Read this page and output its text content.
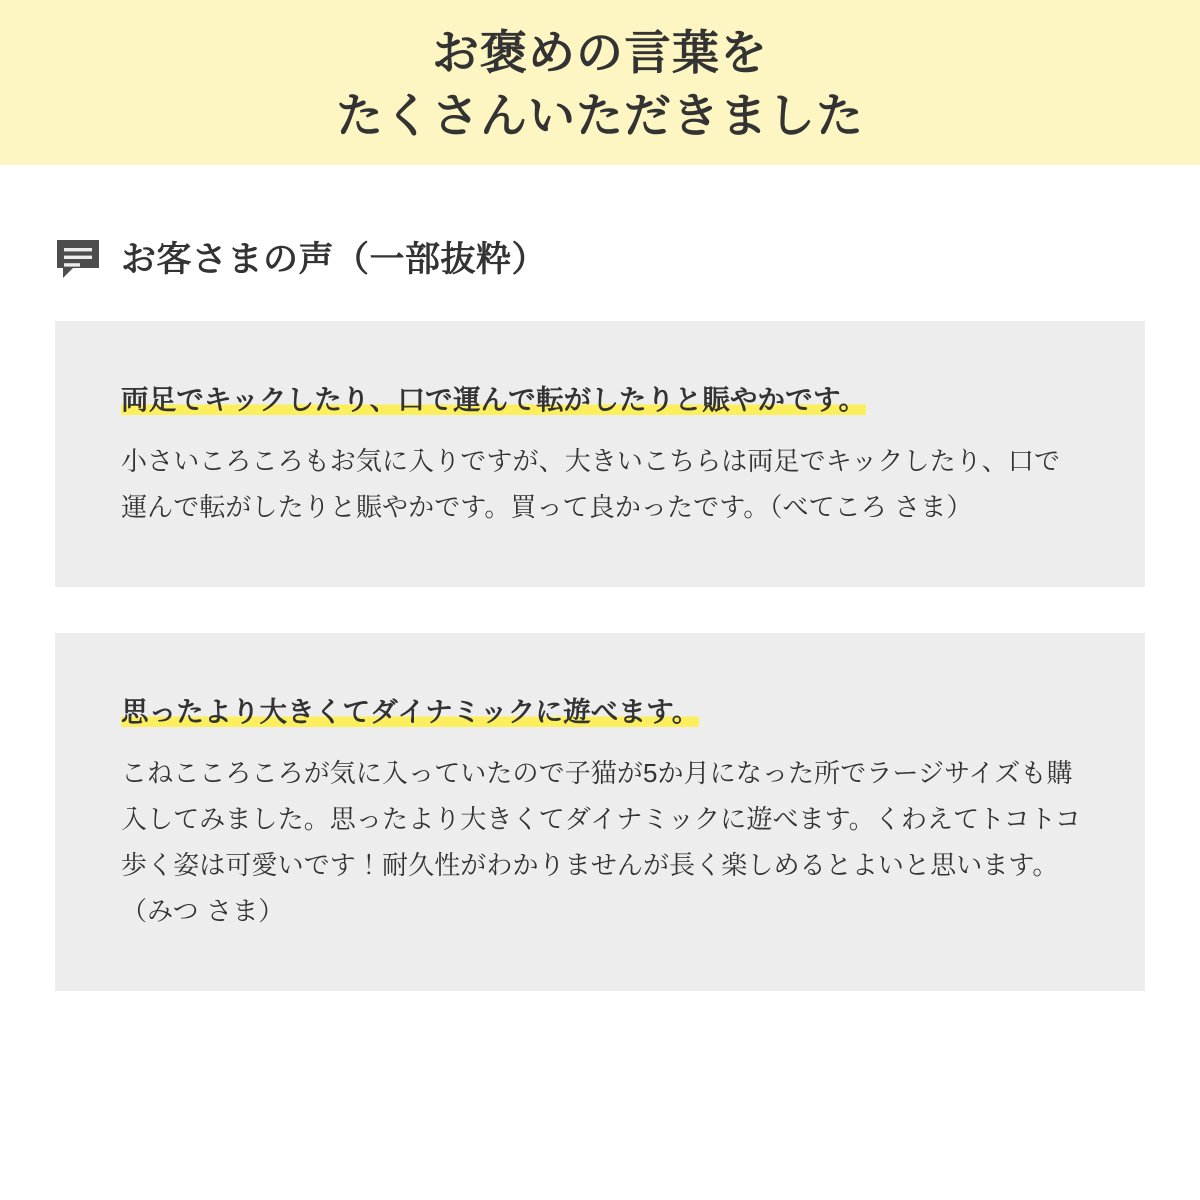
お褒めの言葉を
たくさんいただきました
お客さまの声（一部抜粋）
両足でキックしたり、口で運んで転がしたりと賑やかです。

小さいころころもお気に入りですが、大きいこちらは両足でキックしたり、口で運んで転がしたりと賑やかです。買って良かったです。（べてころ さま）

思ったより大きくてダイナミックに遊べます。

こねこころころが気に入っていたので子猫が5か月になった所でラージサイズも購入してみました。思ったより大きくてダイナミックに遊べます。くわえてトコトコ歩く姿は可愛いです！耐久性がわかりませんが長く楽しめるとよいと思います。（みつ さま）
